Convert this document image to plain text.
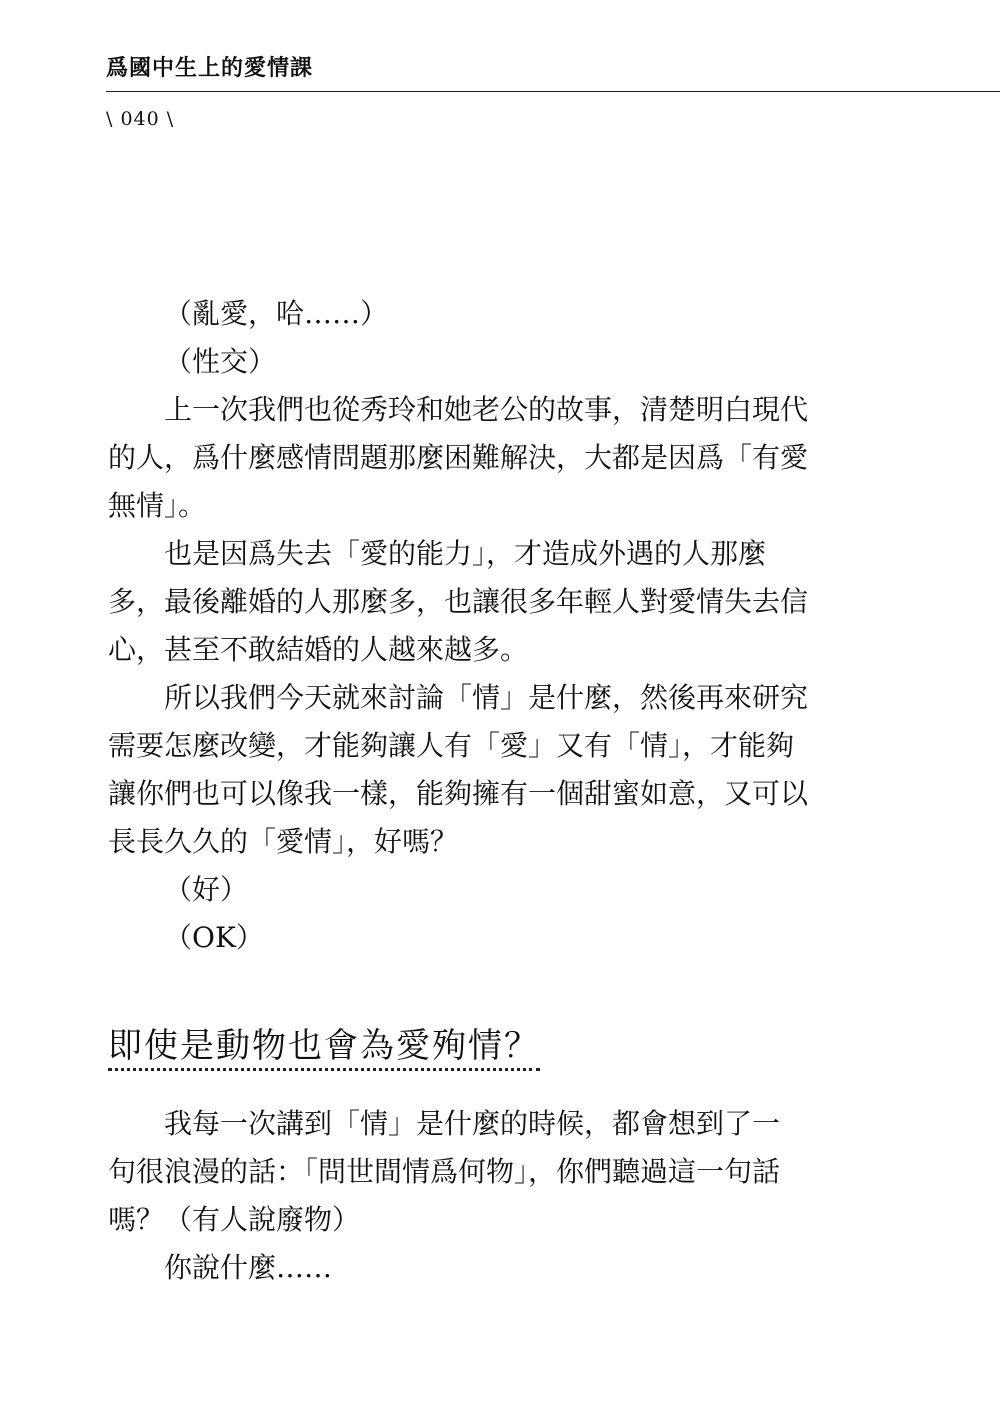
爲國中生上的愛情課
\ 040 \
（亂愛，哈……）
（性交）
上一次我們也從秀玲和她老公的故事，清楚明白現代
的人，爲什麼感情問題那麼困難解決，大都是因爲「有愛
無情」。
也是因爲失去「愛的能力」，才造成外遇的人那麼
多，最後離婚的人那麼多，也讓很多年輕人對愛情失去信
心，甚至不敢結婚的人越來越多。
所以我們今天就來討論「情」是什麼，然後再來研究
需要怎麼改變，才能夠讓人有「愛」又有「情」，才能夠
讓你們也可以像我一樣，能夠擁有一個甜蜜如意，又可以
長長久久的「愛情」，好嗎？
（好）
（OK）
即使是動物也會為愛殉情？
我每一次講到「情」是什麼的時候，都會想到了一
句很浪漫的話：「問世間情爲何物」，你們聽過這一句話
嗎？（有人說廢物）
你說什麼……
